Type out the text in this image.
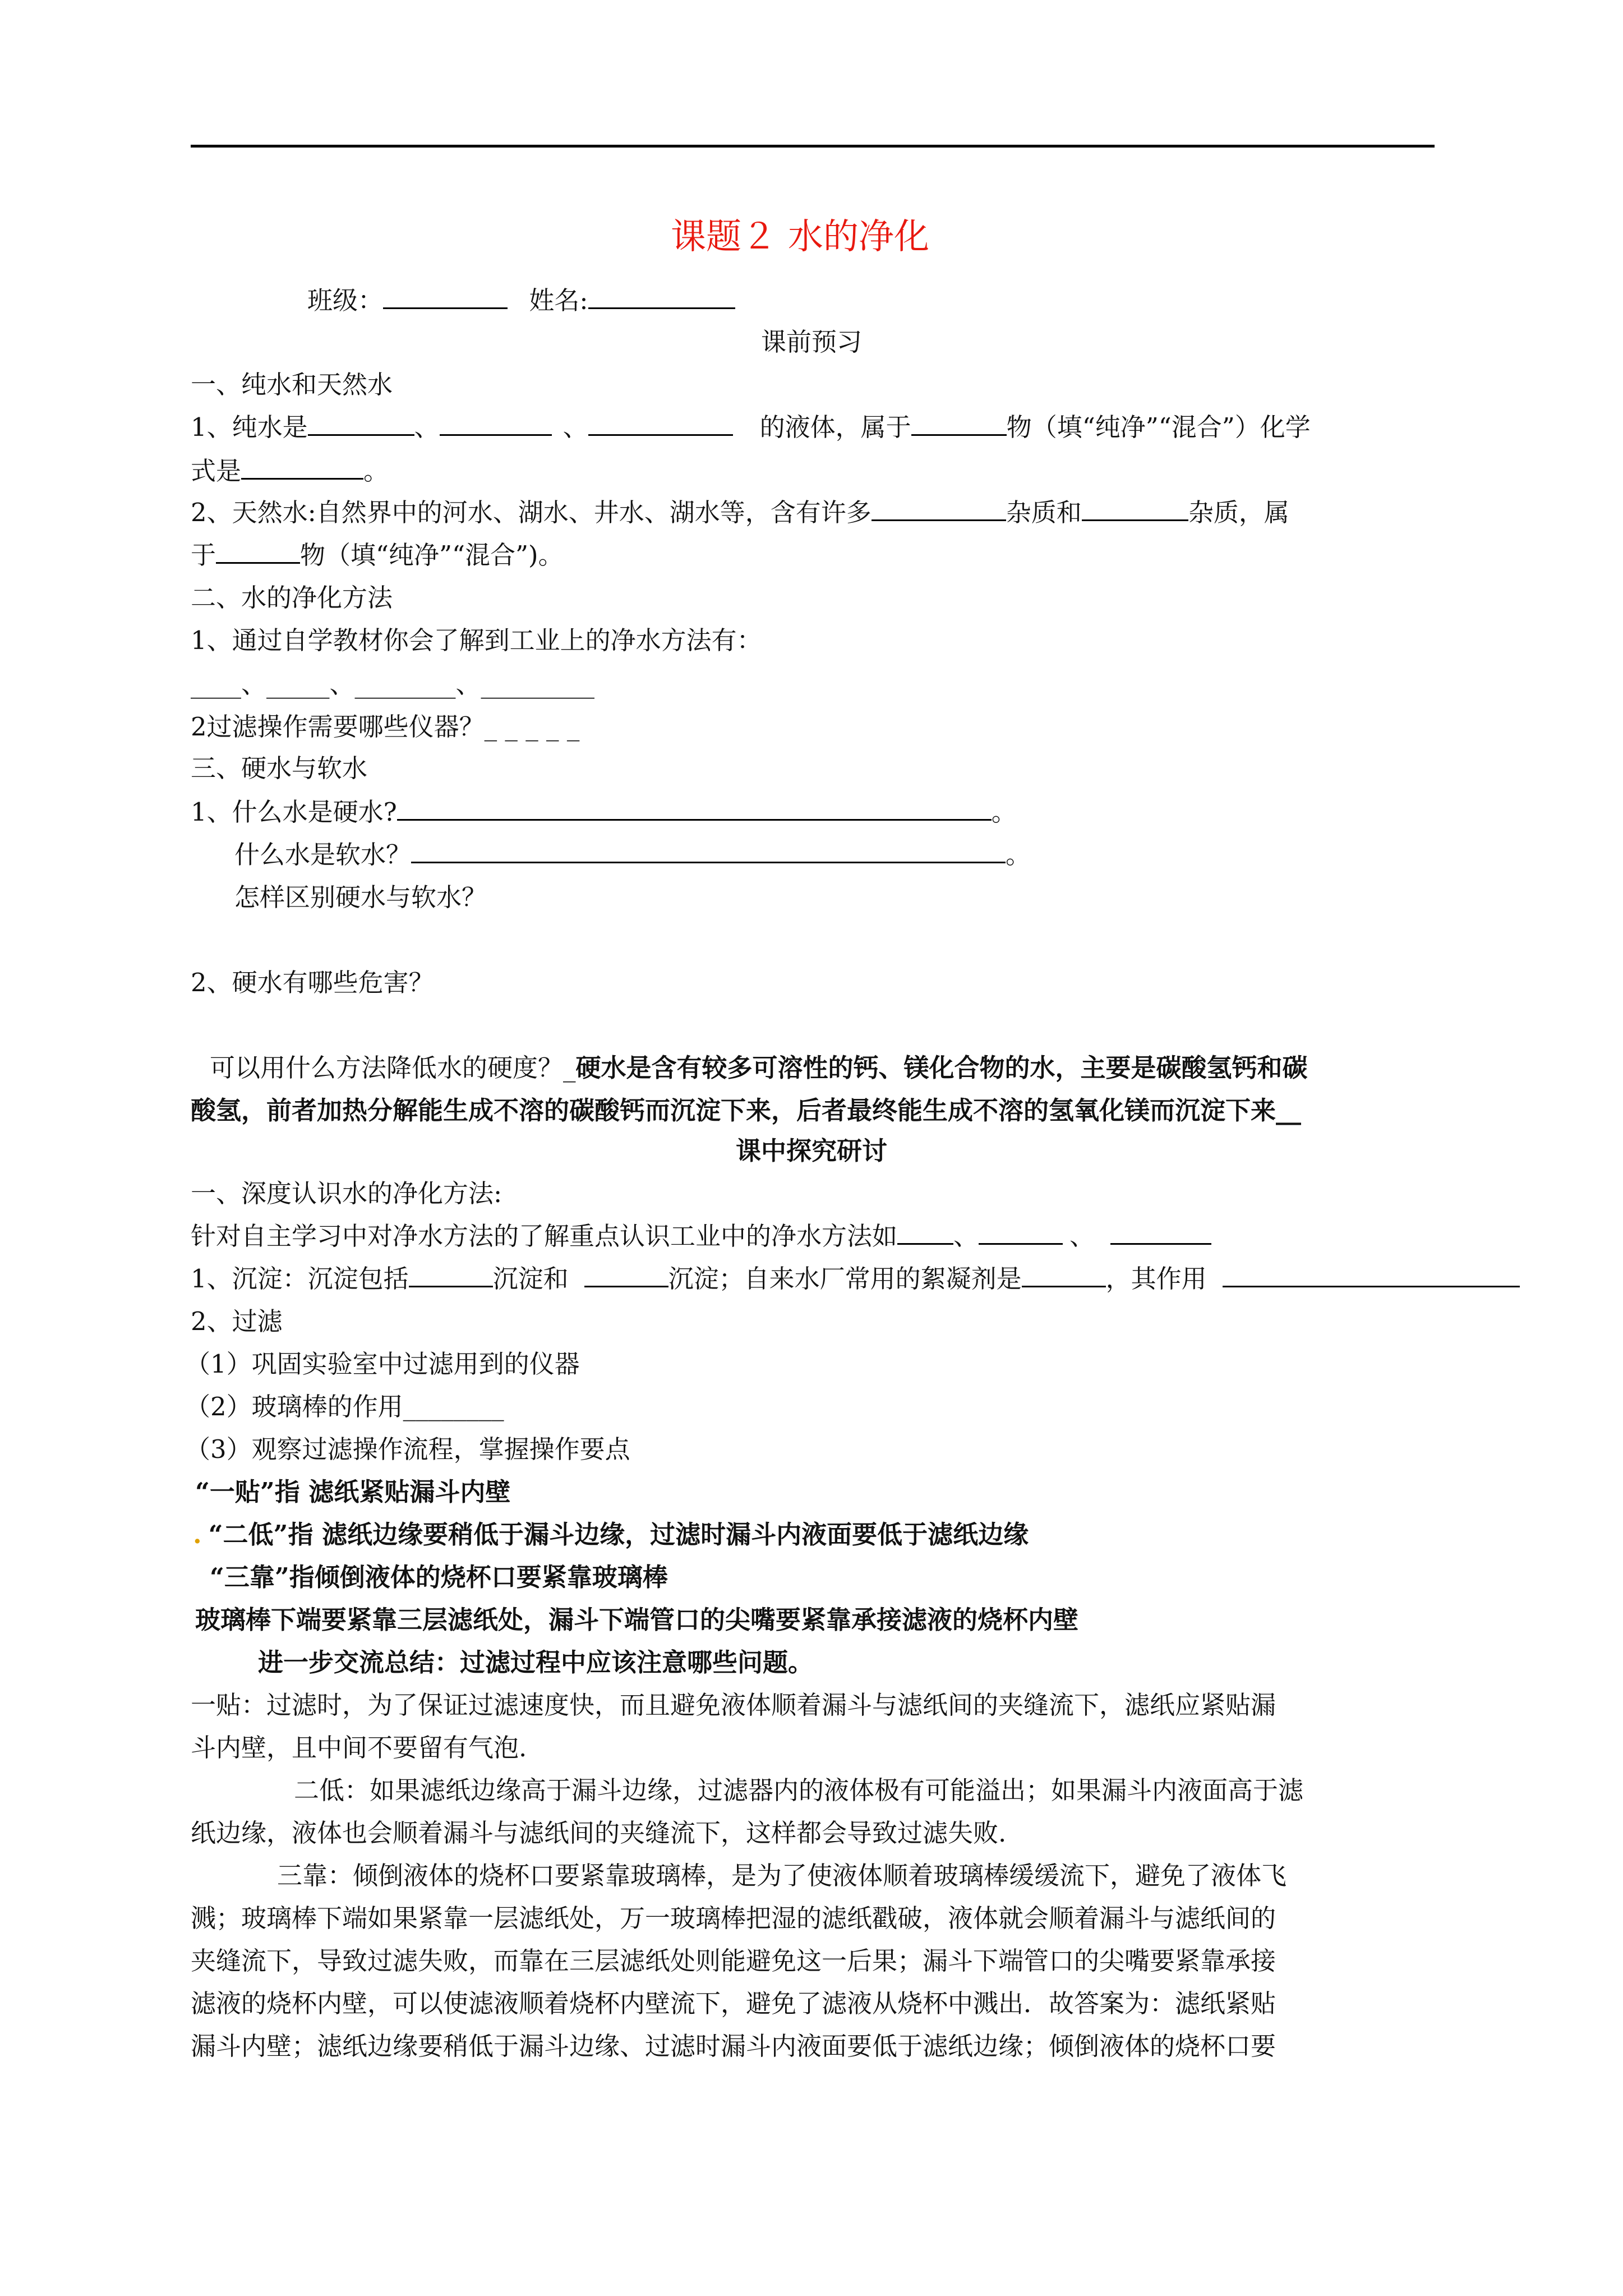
课题２ 水的净化
班级：	姓名:
课前预习
一、纯水和天然水
1、纯水是	、	、	的液体，属于	物（填“纯净”“混合”）化学
式是	。
2、天然水:自然界中的河水、湖水、井水、湖水等，含有许多	杂质和	杂质，属
于	物（填“纯净”“混合”)。
二、水的净化方法
1、通过自学教材你会了解到工业上的净水方法有：
____、_____、________、_________
2过滤操作需要哪些仪器？_ _ _ _ _
三、硬水与软水
1、什么水是硬水?	。
什么水是软水？	。
怎样区别硬水与软水？
2、硬水有哪些危害？
可以用什么方法降低水的硬度？_硬水是含有较多可溶性的钙、镁化合物的水，主要是碳酸氢钙和碳
酸氢，前者加热分解能生成不溶的碳酸钙而沉淀下来，后者最终能生成不溶的氢氧化镁而沉淀下来__
课中探究研讨
一、深度认识水的净化方法:
针对自主学习中对净水方法的了解重点认识工业中的净水方法如 、	、
1、沉淀：沉淀包括	沉淀和	沉淀；自来水厂常用的絮凝剂是	，其作用
2、过滤
（1）巩固实验室中过滤用到的仪器
（2）玻璃棒的作用________
（3）观察过滤操作流程，掌握操作要点
“一贴”指 滤纸紧贴漏斗内壁
. “二低”指 滤纸边缘要稍低于漏斗边缘，过滤时漏斗内液面要低于滤纸边缘
“三靠”指倾倒液体的烧杯口要紧靠玻璃棒
玻璃棒下端要紧靠三层滤纸处，漏斗下端管口的尖嘴要紧靠承接滤液的烧杯内壁
进一步交流总结：过滤过程中应该注意哪些问题。
一贴：过滤时，为了保证过滤速度快，而且避免液体顺着漏斗与滤纸间的夹缝流下，滤纸应紧贴漏
斗内壁，且中间不要留有气泡.
二低：如果滤纸边缘高于漏斗边缘，过滤器内的液体极有可能溢出；如果漏斗内液面高于滤
纸边缘，液体也会顺着漏斗与滤纸间的夹缝流下，这样都会导致过滤失败.
三靠：倾倒液体的烧杯口要紧靠玻璃棒，是为了使液体顺着玻璃棒缓缓流下，避免了液体飞
溅；玻璃棒下端如果紧靠一层滤纸处，万一玻璃棒把湿的滤纸戳破，液体就会顺着漏斗与滤纸间的
夹缝流下，导致过滤失败，而靠在三层滤纸处则能避免这一后果；漏斗下端管口的尖嘴要紧靠承接
滤液的烧杯内壁，可以使滤液顺着烧杯内壁流下，避免了滤液从烧杯中溅出．故答案为：滤纸紧贴
漏斗内壁；滤纸边缘要稍低于漏斗边缘、过滤时漏斗内液面要低于滤纸边缘；倾倒液体的烧杯口要
